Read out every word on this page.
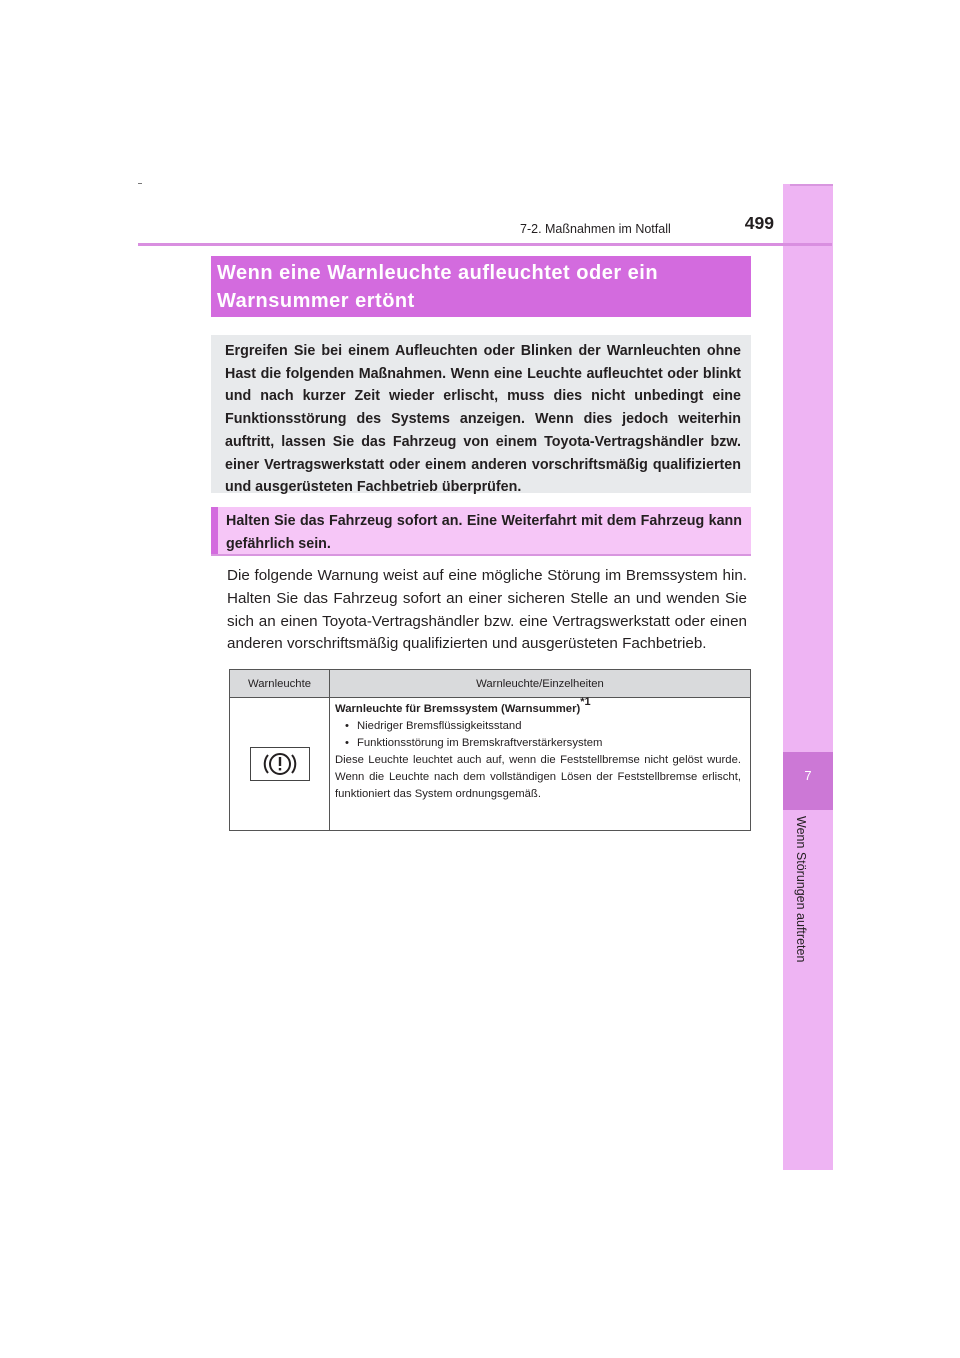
7
Wenn Störungen auftreten
7-2. Maßnahmen im Notfall	499
Wenn eine Warnleuchte aufleuchtet oder ein Warnsummer ertönt
Ergreifen Sie bei einem Aufleuchten oder Blinken der Warnleuchten ohne Hast die folgenden Maßnahmen. Wenn eine Leuchte aufleuchtet oder blinkt und nach kurzer Zeit wieder erlischt, muss dies nicht unbedingt eine Funktionsstörung des Systems anzeigen. Wenn dies jedoch weiterhin auftritt, lassen Sie das Fahrzeug von einem Toyota-Vertragshändler bzw. einer Vertragswerkstatt oder einem anderen vorschriftsmäßig qualifizierten und ausgerüsteten Fachbetrieb überprüfen.
Halten Sie das Fahrzeug sofort an. Eine Weiterfahrt mit dem Fahrzeug kann gefährlich sein.
Die folgende Warnung weist auf eine mögliche Störung im Bremssystem hin. Halten Sie das Fahrzeug sofort an einer sicheren Stelle an und wenden Sie sich an einen Toyota-Vertragshändler bzw. eine Vertragswerkstatt oder einen anderen vorschriftsmäßig qualifizierten und ausgerüsteten Fachbetrieb.
Warnleuchte	Warnleuchte/Einzelheiten

Warnleuchte für Bremssystem (Warnsummer)$^{*1}$
• Niedriger Bremsflüssigkeitsstand
• Funktionsstörung im Bremskraftverstärkersystem
Diese Leuchte leuchtet auch auf, wenn die Feststellbremse nicht gelöst wurde. Wenn die Leuchte nach dem vollständigen Lösen der Feststellbremse erlischt, funktioniert das System ordnungsgemäß.
